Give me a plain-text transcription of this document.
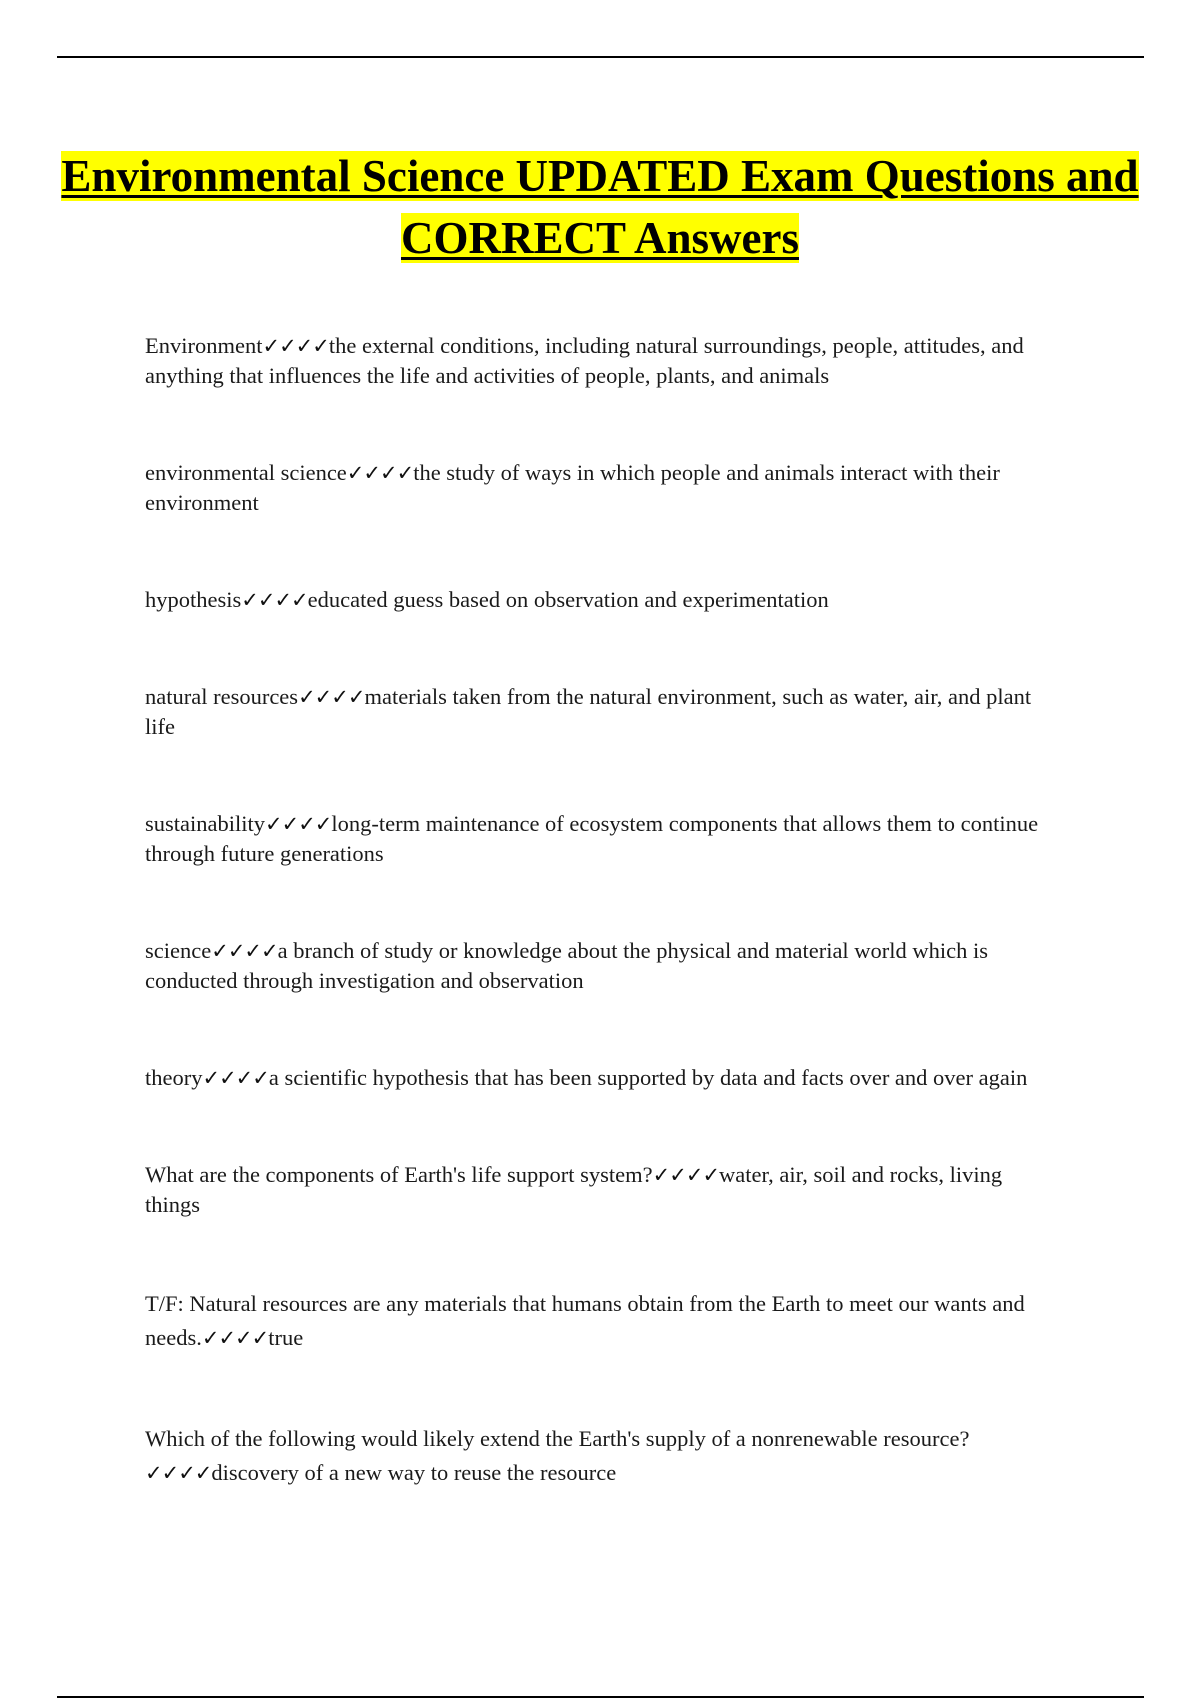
Environmental Science UPDATED Exam Questions and CORRECT Answers

Environment✓✓✓✓the external conditions, including natural surroundings, people, attitudes, and anything that influences the life and activities of people, plants, and animals

environmental science✓✓✓✓the study of ways in which people and animals interact with their environment

hypothesis✓✓✓✓educated guess based on observation and experimentation

natural resources✓✓✓✓materials taken from the natural environment, such as water, air, and plant life

sustainability✓✓✓✓long-term maintenance of ecosystem components that allows them to continue through future generations

science✓✓✓✓a branch of study or knowledge about the physical and material world which is conducted through investigation and observation

theory✓✓✓✓a scientific hypothesis that has been supported by data and facts over and over again

What are the components of Earth's life support system?✓✓✓✓water, air, soil and rocks, living things

T/F: Natural resources are any materials that humans obtain from the Earth to meet our wants and needs.✓✓✓✓true

Which of the following would likely extend the Earth's supply of a nonrenewable resource?✓✓✓✓discovery of a new way to reuse the resource
